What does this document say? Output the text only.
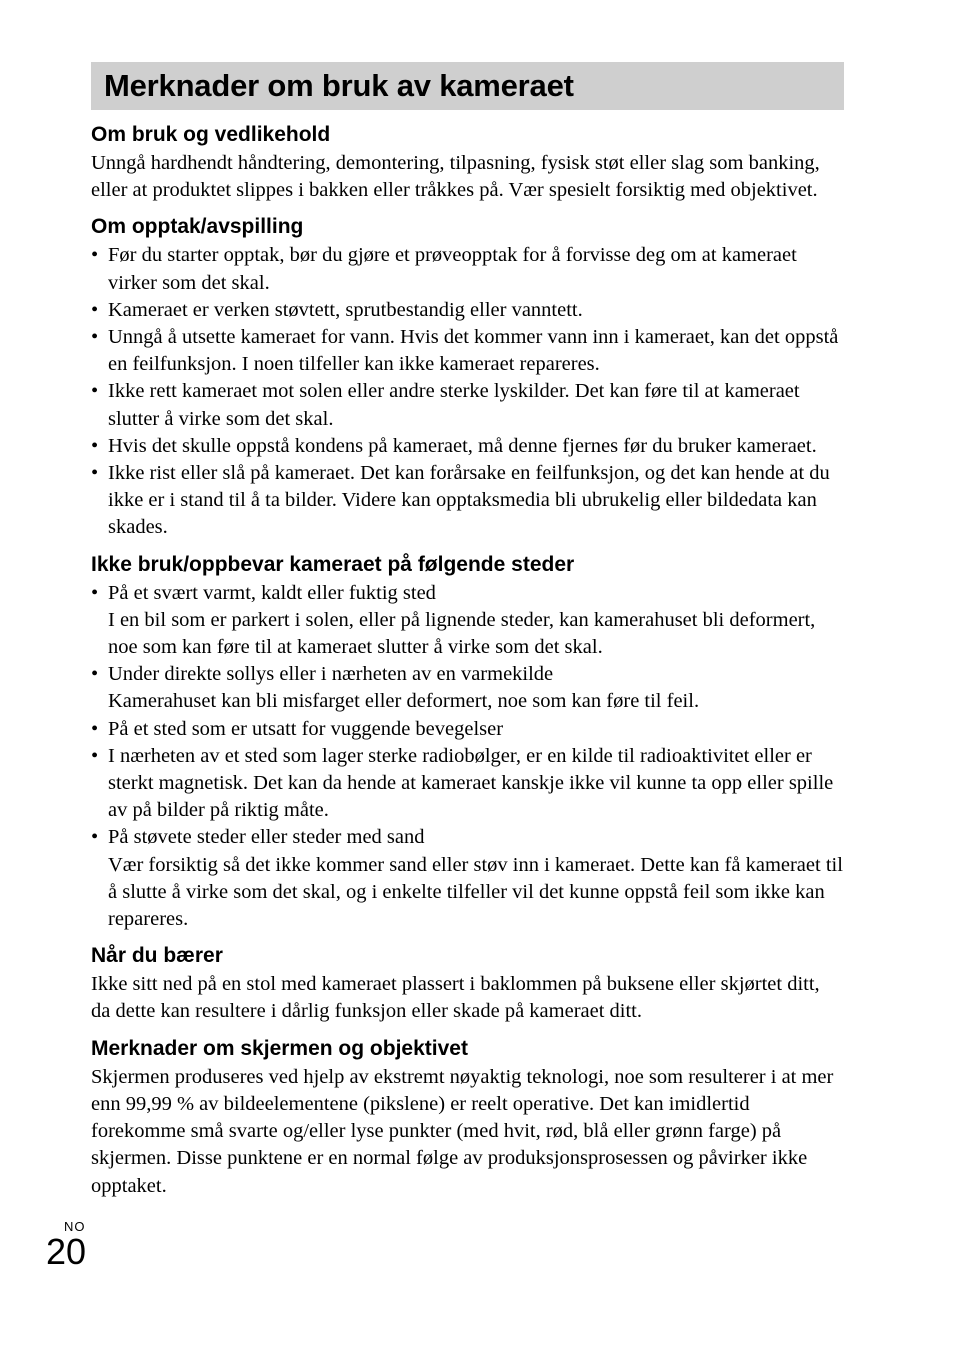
Merknader om bruk av kameraet
Om bruk og vedlikehold

Unngå hardhendt håndtering, demontering, tilpasning, fysisk støt eller slag som banking, eller at produktet slippes i bakken eller tråkkes på. Vær spesielt forsiktig med objektivet.

Om opptak/avspilling
• Før du starter opptak, bør du gjøre et prøveopptak for å forvisse deg om at kameraet virker som det skal.
• Kameraet er verken støvtett, sprutbestandig eller vanntett.
• Unngå å utsette kameraet for vann. Hvis det kommer vann inn i kameraet, kan det oppstå en feilfunksjon. I noen tilfeller kan ikke kameraet repareres.
• Ikke rett kameraet mot solen eller andre sterke lyskilder. Det kan føre til at kameraet slutter å virke som det skal.
• Hvis det skulle oppstå kondens på kameraet, må denne fjernes før du bruker kameraet.
• Ikke rist eller slå på kameraet. Det kan forårsake en feilfunksjon, og det kan hende at du ikke er i stand til å ta bilder. Videre kan opptaksmedia bli ubrukelig eller bildedata kan skades.
Ikke bruk/oppbevar kameraet på følgende steder
• På et svært varmt, kaldt eller fuktig sted
I en bil som er parkert i solen, eller på lignende steder, kan kamerahuset bli deformert, noe som kan føre til at kameraet slutter å virke som det skal.
• Under direkte sollys eller i nærheten av en varmekilde
Kamerahuset kan bli misfarget eller deformert, noe som kan føre til feil.
• På et sted som er utsatt for vuggende bevegelser
• I nærheten av et sted som lager sterke radiobølger, er en kilde til radioaktivitet eller er sterkt magnetisk. Det kan da hende at kameraet kanskje ikke vil kunne ta opp eller spille av på bilder på riktig måte.
• På støvete steder eller steder med sand
Vær forsiktig så det ikke kommer sand eller støv inn i kameraet. Dette kan få kameraet til å slutte å virke som det skal, og i enkelte tilfeller vil det kunne oppstå feil som ikke kan repareres.
Når du bærer

Ikke sitt ned på en stol med kameraet plassert i baklommen på buksene eller skjørtet ditt, da dette kan resultere i dårlig funksjon eller skade på kameraet ditt.

Merknader om skjermen og objektivet

Skjermen produseres ved hjelp av ekstremt nøyaktig teknologi, noe som resulterer i at mer enn 99,99 % av bildeelementene (pikslene) er reelt operative. Det kan imidlertid forekomme små svarte og/eller lyse punkter (med hvit, rød, blå eller grønn farge) på skjermen. Disse punktene er en normal følge av produksjonsprosessen og påvirker ikke opptaket.

NO
20
